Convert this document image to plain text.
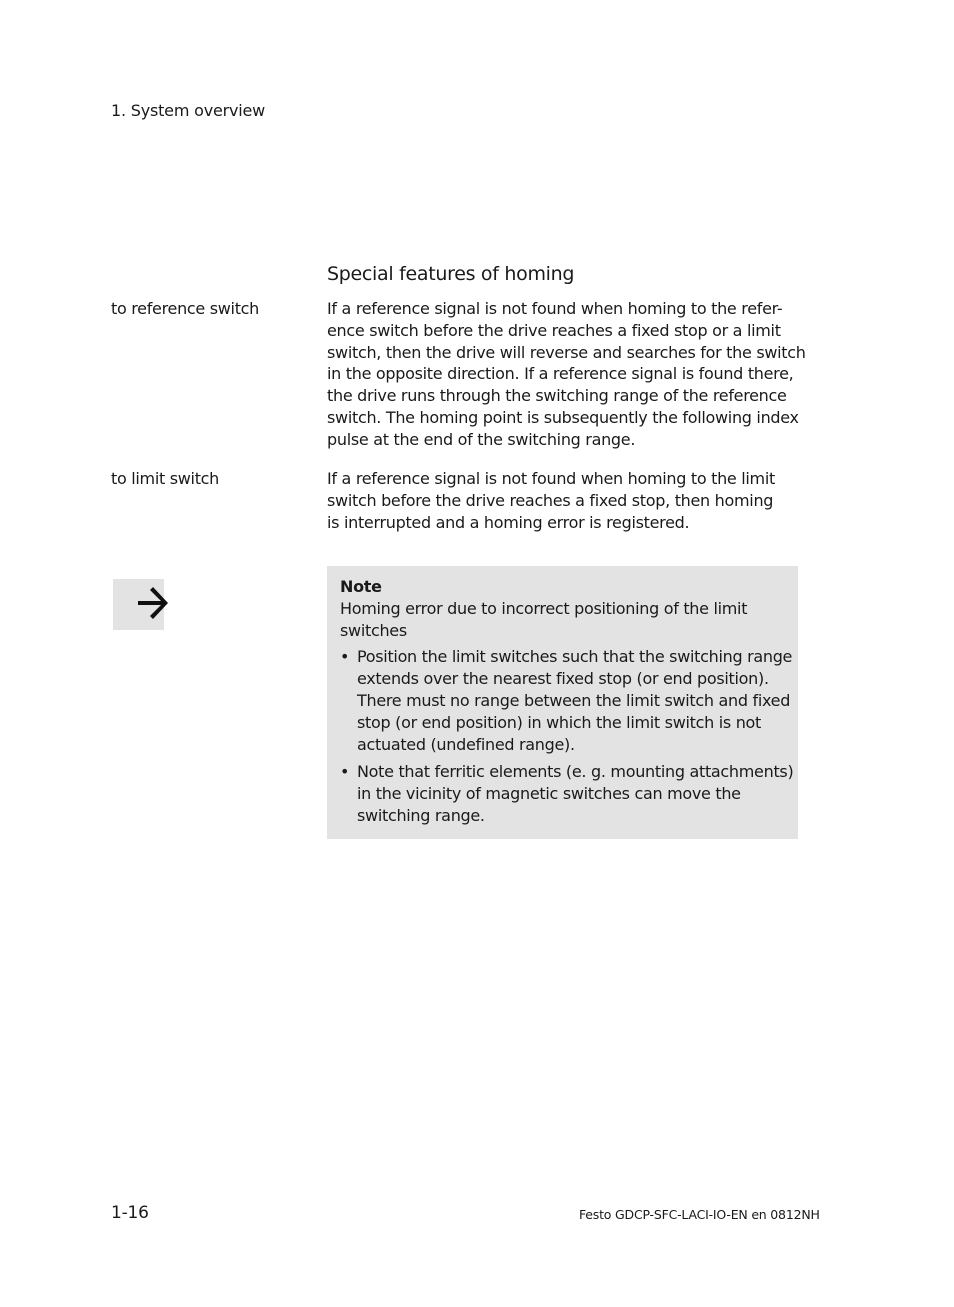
1. System overview
Special features of homing
to reference switch	If a reference signal is not found when homing to the refer-

ence switch before the drive reaches a fixed stop or a limit

switch, then the drive will reverse and searches for the switch

in the opposite direction. If a reference signal is found there,

the drive runs through the switching range of the reference

switch. The homing point is subsequently the following index

pulse at the end of the switching range.

to limit switch	If a reference signal is not found when homing to the limit

switch before the drive reaches a fixed stop, then homing

is interrupted and a homing error is registered.

Note
Homing error due to incorrect positioning of the limit
switches
• Position the limit switches such that the switching range
extends over the nearest fixed stop (or end position).
There must no range between the limit switch and fixed
stop (or end position) in which the limit switch is not
actuated (undefined range).
• Note that ferritic elements (e. g. mounting attachments)
in the vicinity of magnetic switches can move the
switching range.
1-16	Festo GDCP-SFC-LACI-IO-EN en 0812NH
